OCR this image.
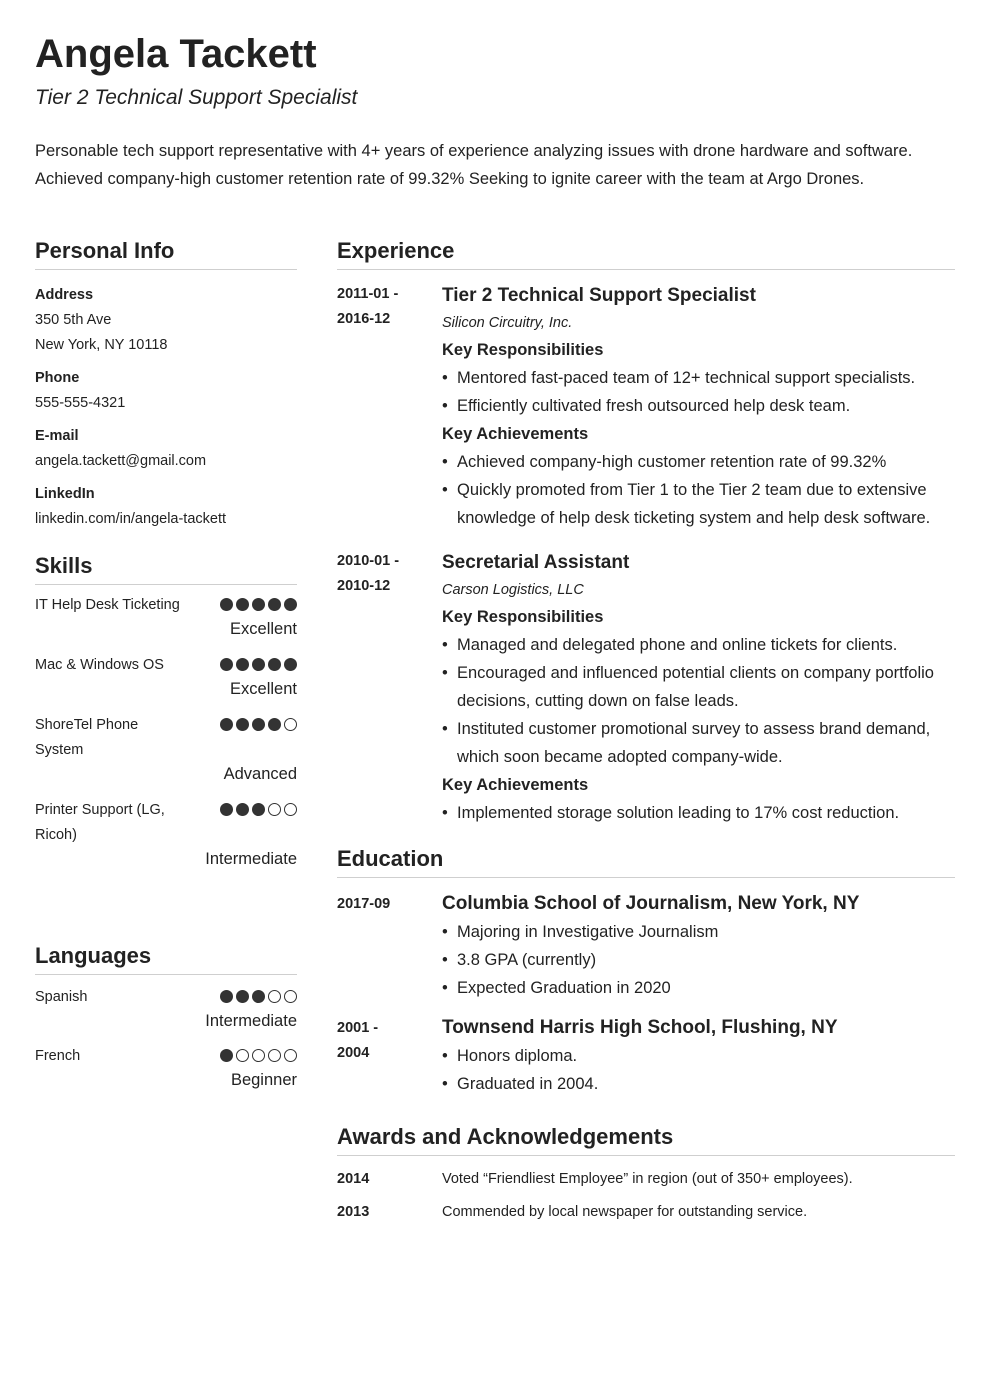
Angela Tackett
Tier 2 Technical Support Specialist
Personable tech support representative with 4+ years of experience analyzing issues with drone hardware and software. Achieved company-high customer retention rate of 99.32% Seeking to ignite career with the team at Argo Drones.
Personal Info
Address
350 5th Ave
New York, NY 10118
Phone
555-555-4321
E-mail
angela.tackett@gmail.com
LinkedIn
linkedin.com/in/angela-tackett
Skills
IT Help Desk Ticketing
Excellent
Mac & Windows OS
Excellent
ShoreTel Phone System
Advanced
Printer Support (LG, Ricoh)
Intermediate
Languages
Spanish
Intermediate
French
Beginner
Experience
2011-01 -
2016-12
Tier 2 Technical Support Specialist
Silicon Circuitry, Inc.
Key Responsibilities
• Mentored fast-paced team of 12+ technical support specialists.
• Efficiently cultivated fresh outsourced help desk team.
Key Achievements
• Achieved company-high customer retention rate of 99.32%
• Quickly promoted from Tier 1 to the Tier 2 team due to extensive knowledge of help desk ticketing system and help desk software.
2010-01 -
2010-12
Secretarial Assistant
Carson Logistics, LLC
Key Responsibilities
• Managed and delegated phone and online tickets for clients.
• Encouraged and influenced potential clients on company portfolio decisions, cutting down on false leads.
• Instituted customer promotional survey to assess brand demand, which soon became adopted company-wide.
Key Achievements
• Implemented storage solution leading to 17% cost reduction.
Education
2017-09	Columbia School of Journalism, New York, NY
• Majoring in Investigative Journalism
• 3.8 GPA (currently)
• Expected Graduation in 2020
2001 -
2004
Townsend Harris High School, Flushing, NY
• Honors diploma.
• Graduated in 2004.
Awards and Acknowledgements
2014	Voted “Friendliest Employee” in region (out of 350+ employees).
2013	Commended by local newspaper for outstanding service.
